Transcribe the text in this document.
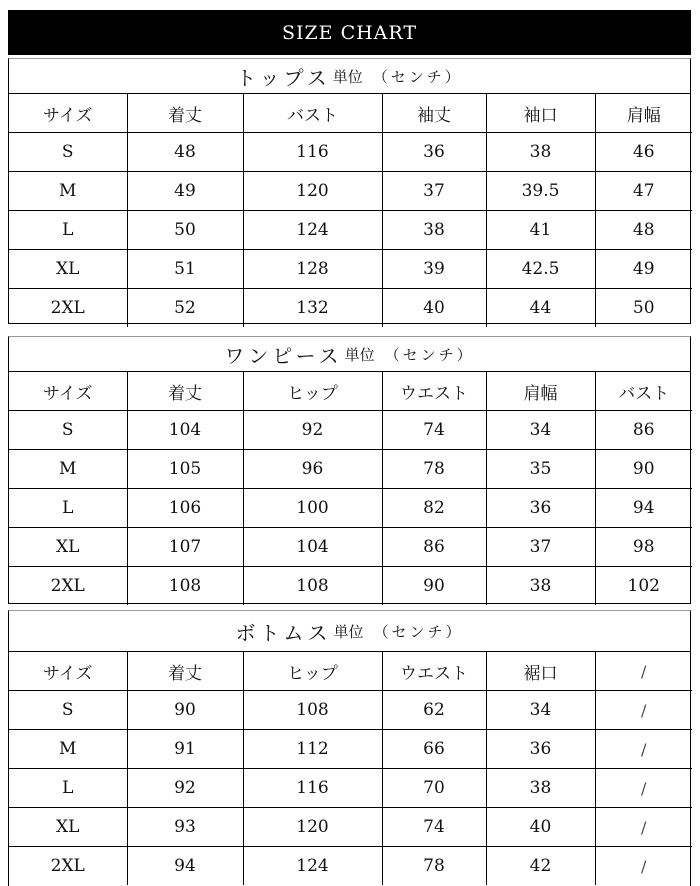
SIZE CHART
トップス 単位 （センチ）
サイズ	着丈	バスト	袖丈	袖口	肩幅
S	48	116	36	38	46
M	49	120	37	39.5	47
L	50	124	38	41	48
XL	51	128	39	42.5	49
2XL	52	132	40	44	50
ワンピース 単位 （センチ）
サイズ	着丈	ヒップ	ウエスト	肩幅	バスト
S	104	92	74	34	86
M	105	96	78	35	90
L	106	100	82	36	94
XL	107	104	86	37	98
2XL	108	108	90	38	102
ボトムス 単位 （センチ）
サイズ	着丈	ヒップ	ウエスト	裾口	/
S	90	108	62	34	/
M	91	112	66	36	/
L	92	116	70	38	/
XL	93	120	74	40	/
2XL	94	124	78	42	/
